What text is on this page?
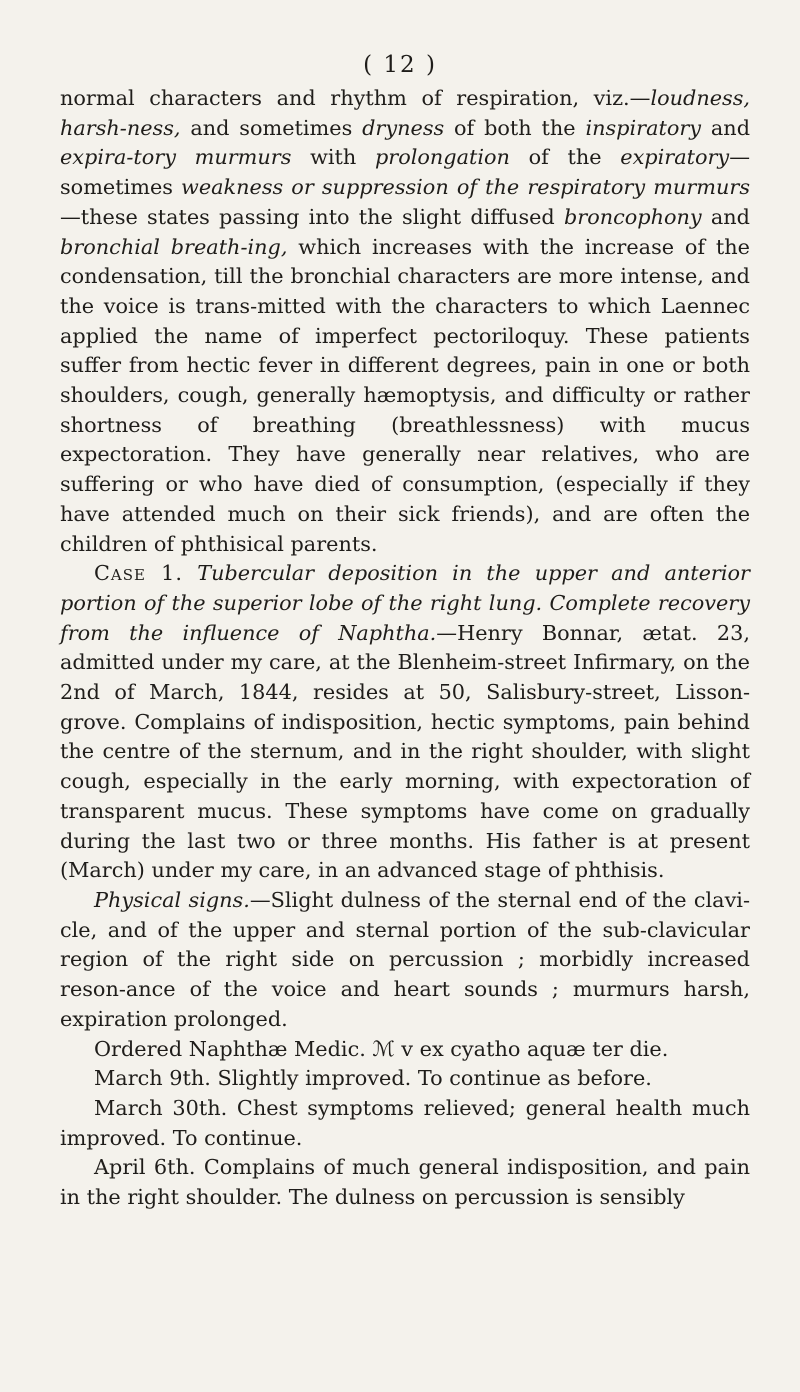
( 12 )

normal characters and rhythm of respiration, viz.—loudness, harsh-ness, and sometimes dryness of both the inspiratory and expira-tory murmurs with prolongation of the expiratory—sometimes weakness or suppression of the respiratory murmurs—these states passing into the slight diffused broncophony and bronchial breath-ing, which increases with the increase of the condensation, till the bronchial characters are more intense, and the voice is trans-mitted with the characters to which Laennec applied the name of imperfect pectoriloquy. These patients suffer from hectic fever in different degrees, pain in one or both shoulders, cough, generally hæmoptysis, and difficulty or rather shortness of breathing (breathlessness) with mucus expectoration. They have generally near relatives, who are suffering or who have died of consumption, (especially if they have attended much on their sick friends), and are often the children of phthisical parents.

Case 1. Tubercular deposition in the upper and anterior portion of the superior lobe of the right lung. Complete recovery from the influence of Naphtha.—Henry Bonnar, ætat. 23, admitted under my care, at the Blenheim-street Infirmary, on the 2nd of March, 1844, resides at 50, Salisbury-street, Lisson-grove. Complains of indisposition, hectic symptoms, pain behind the centre of the sternum, and in the right shoulder, with slight cough, especially in the early morning, with expectoration of transparent mucus. These symptoms have come on gradually during the last two or three months. His father is at present (March) under my care, in an advanced stage of phthisis.

Physical signs.—Slight dulness of the sternal end of the clavi-cle, and of the upper and sternal portion of the sub-clavicular region of the right side on percussion ; morbidly increased reson-ance of the voice and heart sounds ; murmurs harsh, expiration prolonged.

Ordered Naphthæ Medic. ℳ v ex cyatho aquæ ter die.

March 9th. Slightly improved. To continue as before.

March 30th. Chest symptoms relieved; general health much improved. To continue.

April 6th. Complains of much general indisposition, and pain in the right shoulder. The dulness on percussion is sensibly
